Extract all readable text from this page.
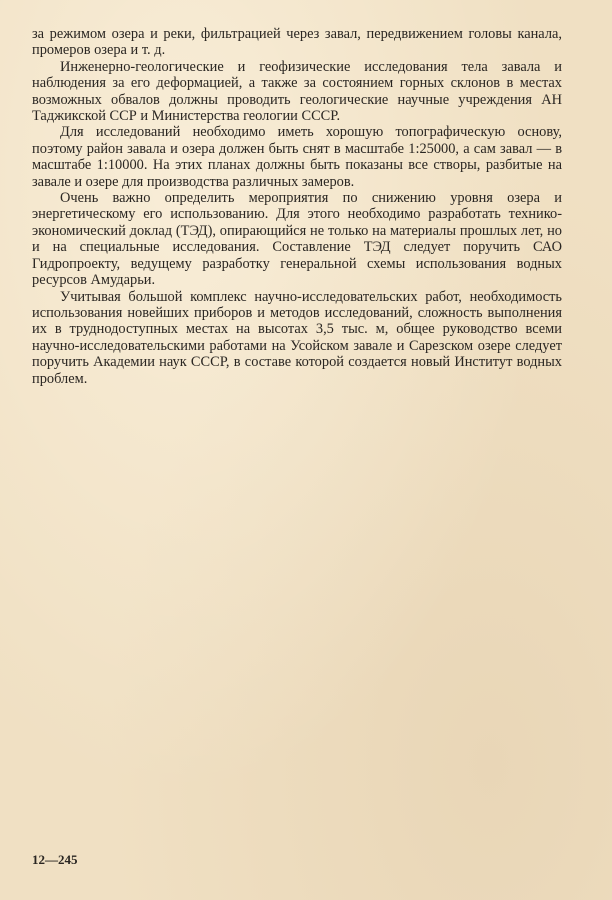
за режимом озера и реки, фильтрацией через завал, передвижением головы канала, промеров озера и т. д.

Инженерно-геологические и геофизические исследования тела завала и наблюдения за его деформацией, а также за состоянием горных склонов в местах возможных обвалов должны проводить геологические научные учреждения АН Таджикской ССР и Министерства геологии СССР.

Для исследований необходимо иметь хорошую топографическую основу, поэтому район завала и озера должен быть снят в масштабе 1:25000, а сам завал — в масштабе 1:10000. На этих планах должны быть показаны все створы, разбитые на завале и озере для производства различных замеров.

Очень важно определить мероприятия по снижению уровня озера и энергетическому его использованию. Для этого необходимо разработать технико-экономический доклад (ТЭД), опирающийся не только на материалы прошлых лет, но и на специальные исследования. Составление ТЭД следует поручить САО Гидропроекту, ведущему разработку генеральной схемы использования водных ресурсов Амударьи.

Учитывая большой комплекс научно-исследовательских работ, необходимость использования новейших приборов и методов исследований, сложность выполнения их в труднодоступных местах на высотах 3,5 тыс. м, общее руководство всеми научно-исследовательскими работами на Усойском завале и Сарезском озере следует поручить Академии наук СССР, в составе которой создается новый Институт водных проблем.

12—245
